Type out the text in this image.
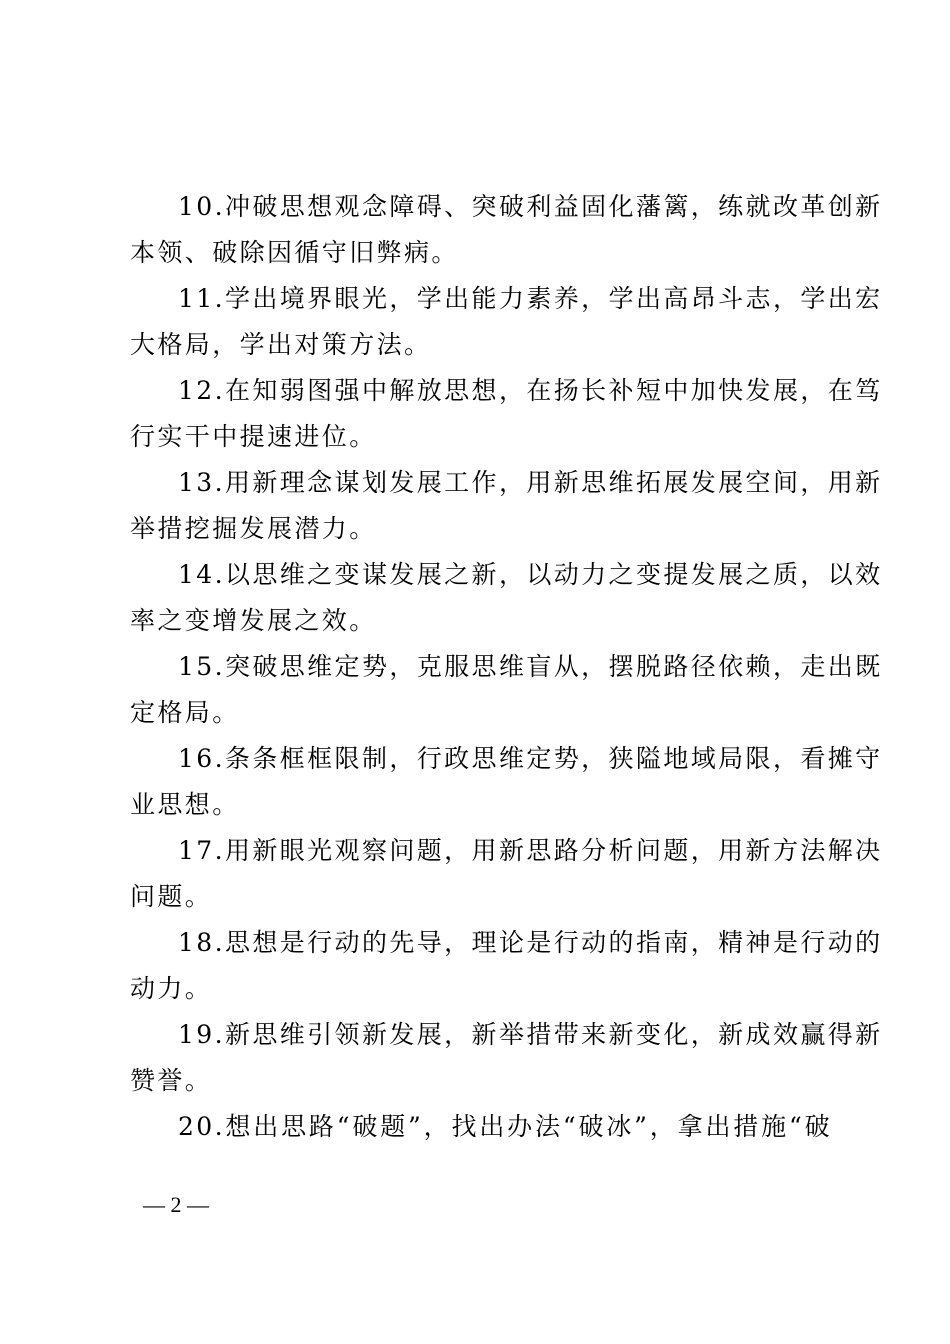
10.冲破思想观念障碍、突破利益固化藩篱，练就改革创新
本领、破除因循守旧弊病。
11.学出境界眼光，学出能力素养，学出高昂斗志，学出宏
大格局，学出对策方法。
12.在知弱图强中解放思想，在扬长补短中加快发展，在笃
行实干中提速进位。
13.用新理念谋划发展工作，用新思维拓展发展空间，用新
举措挖掘发展潜力。
14.以思维之变谋发展之新，以动力之变提发展之质，以效
率之变增发展之效。
15.突破思维定势，克服思维盲从，摆脱路径依赖，走出既
定格局。
16.条条框框限制，行政思维定势，狭隘地域局限，看摊守
业思想。
17.用新眼光观察问题，用新思路分析问题，用新方法解决
问题。
18.思想是行动的先导，理论是行动的指南，精神是行动的
动力。
19.新思维引领新发展，新举措带来新变化，新成效赢得新
赞誉。
20.想出思路“破题”，找出办法“破冰”，拿出措施“破
— 2 —
